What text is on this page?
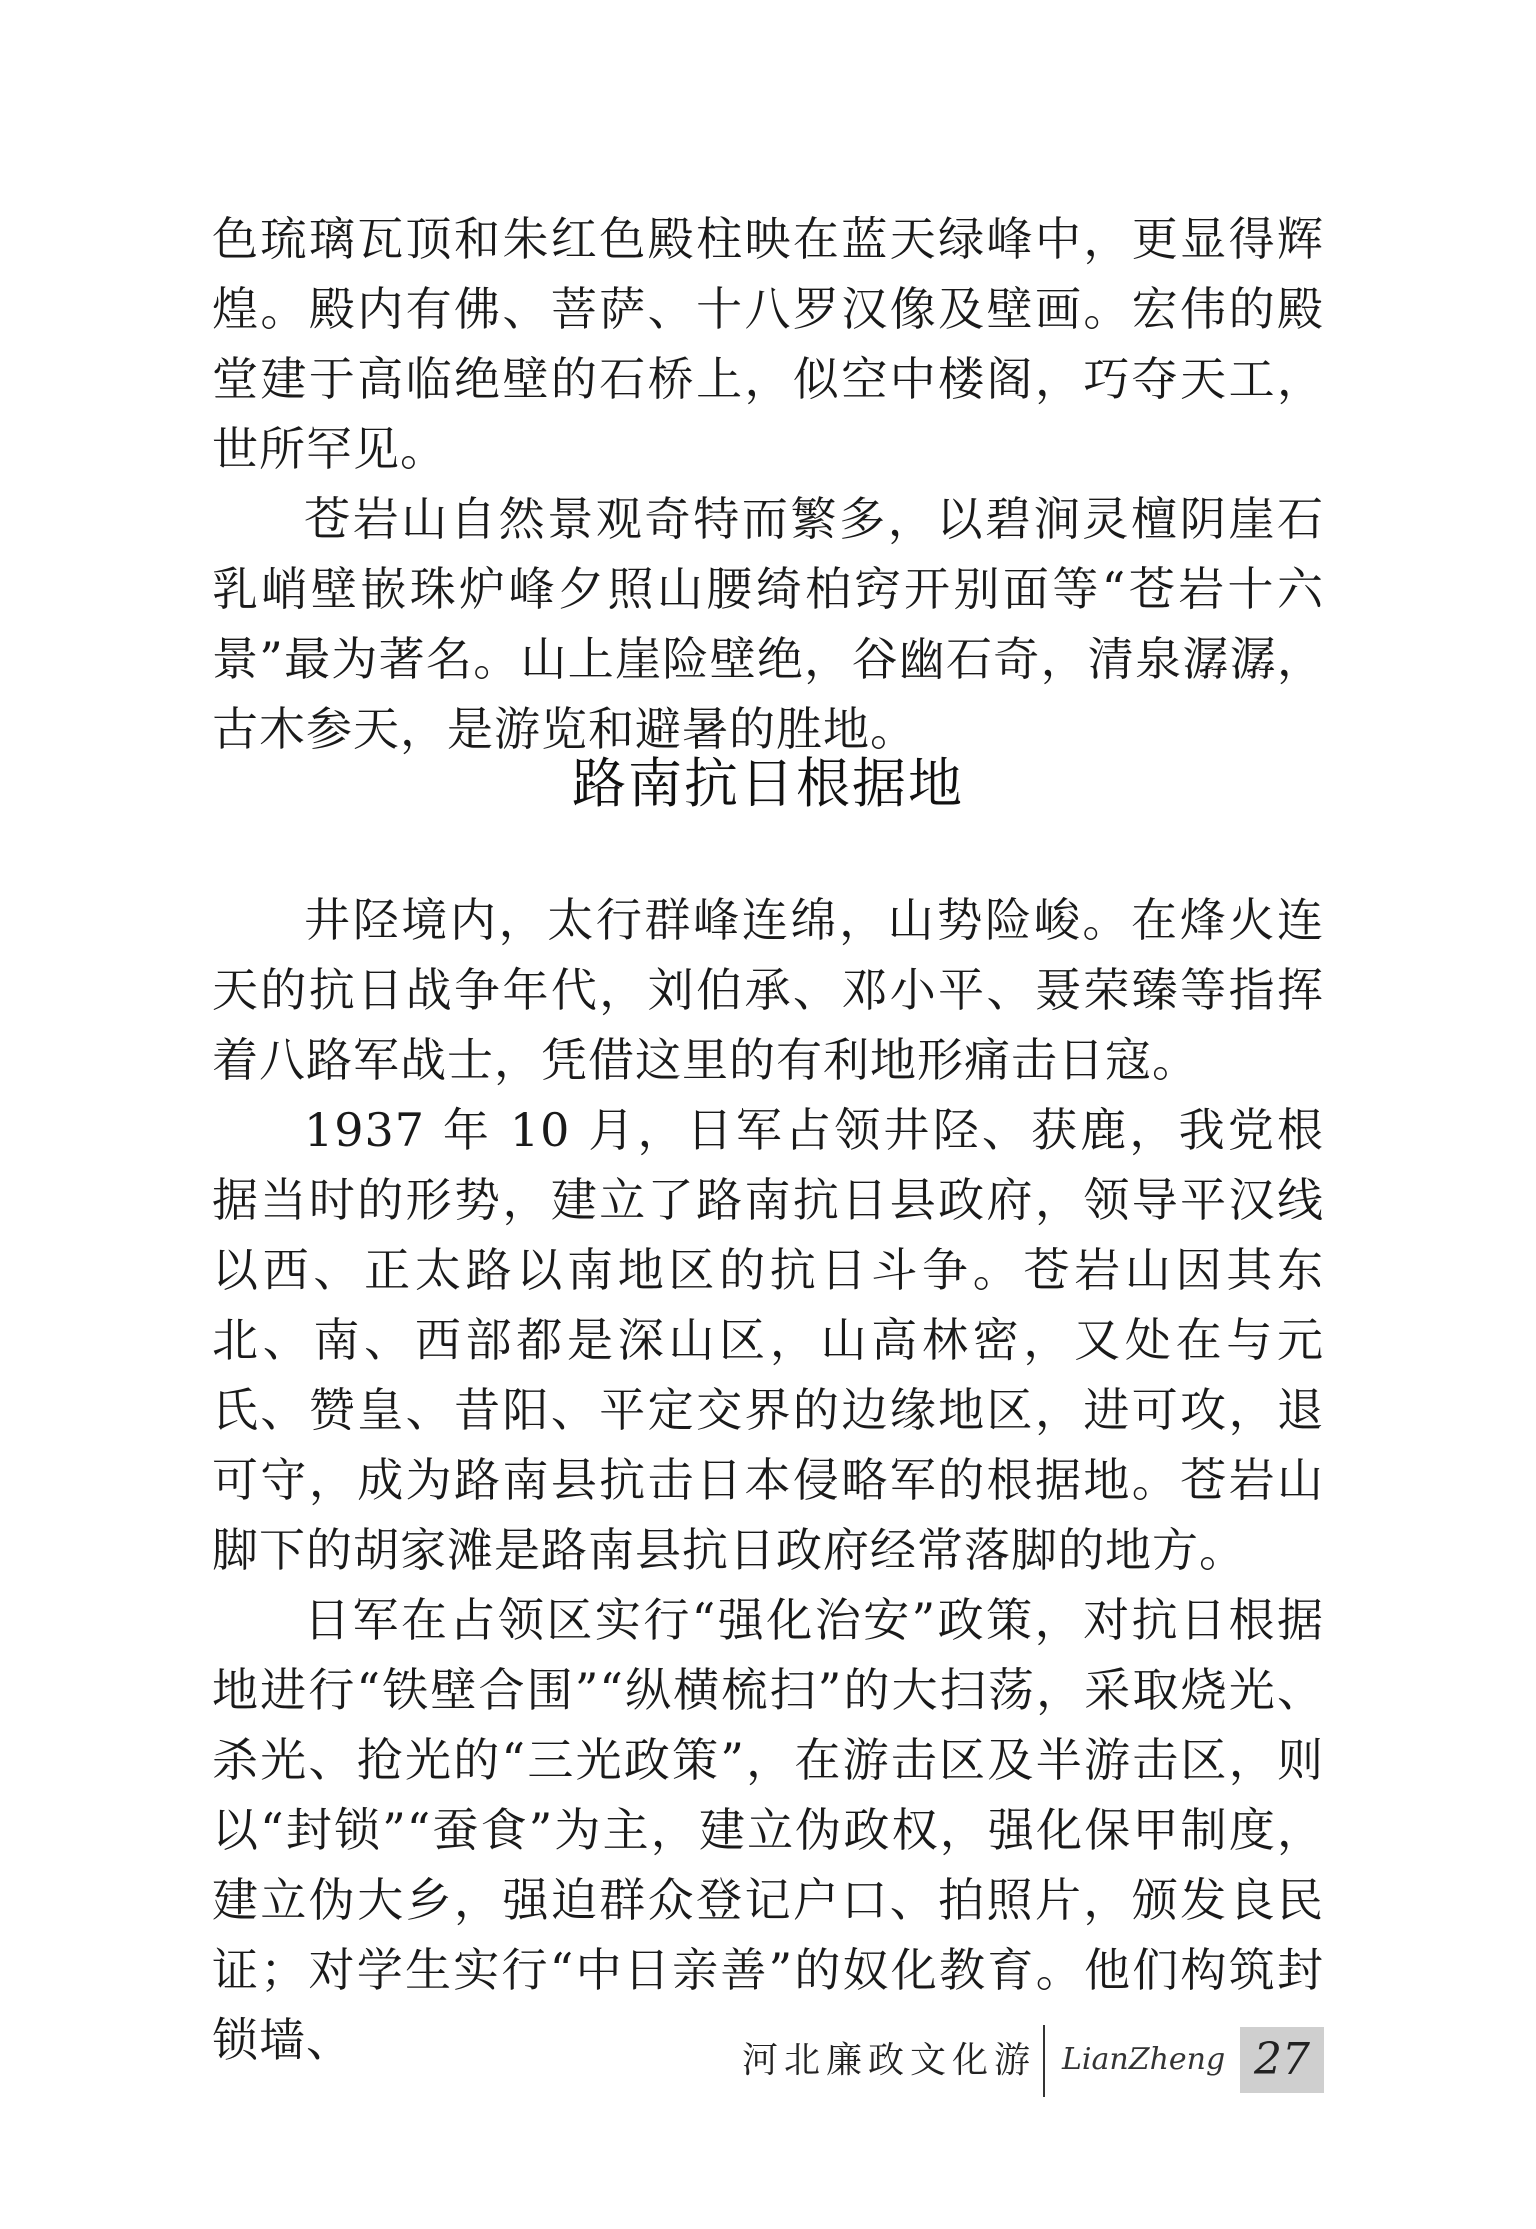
色琉璃瓦顶和朱红色殿柱映在蓝天绿峰中，更显得辉煌。殿内有佛、菩萨、十八罗汉像及壁画。宏伟的殿堂建于高临绝壁的石桥上，似空中楼阁，巧夺天工，世所罕见。

苍岩山自然景观奇特而繁多，以碧涧灵檀阴崖石乳峭壁嵌珠炉峰夕照山腰绮柏窍开别面等“苍岩十六景”最为著名。山上崖险壁绝，谷幽石奇，清泉潺潺，古木参天，是游览和避暑的胜地。

路南抗日根据地

井陉境内，太行群峰连绵，山势险峻。在烽火连天的抗日战争年代，刘伯承、邓小平、聂荣臻等指挥着八路军战士，凭借这里的有利地形痛击日寇。

1937 年 10 月，日军占领井陉、获鹿，我党根据当时的形势，建立了路南抗日县政府，领导平汉线以西、正太路以南地区的抗日斗争。苍岩山因其东北、南、西部都是深山区，山高林密，又处在与元氏、赞皇、昔阳、平定交界的边缘地区，进可攻，退可守，成为路南县抗击日本侵略军的根据地。苍岩山脚下的胡家滩是路南县抗日政府经常落脚的地方。

日军在占领区实行“强化治安”政策，对抗日根据地进行“铁壁合围”“纵横梳扫”的大扫荡，采取烧光、杀光、抢光的“三光政策”，在游击区及半游击区，则以“封锁”“蚕食”为主，建立伪政权，强化保甲制度，建立伪大乡，强迫群众登记户口、拍照片，颁发良民证；对学生实行“中日亲善”的奴化教育。他们构筑封锁墙、	河北廉政文化游 LianZheng 27
